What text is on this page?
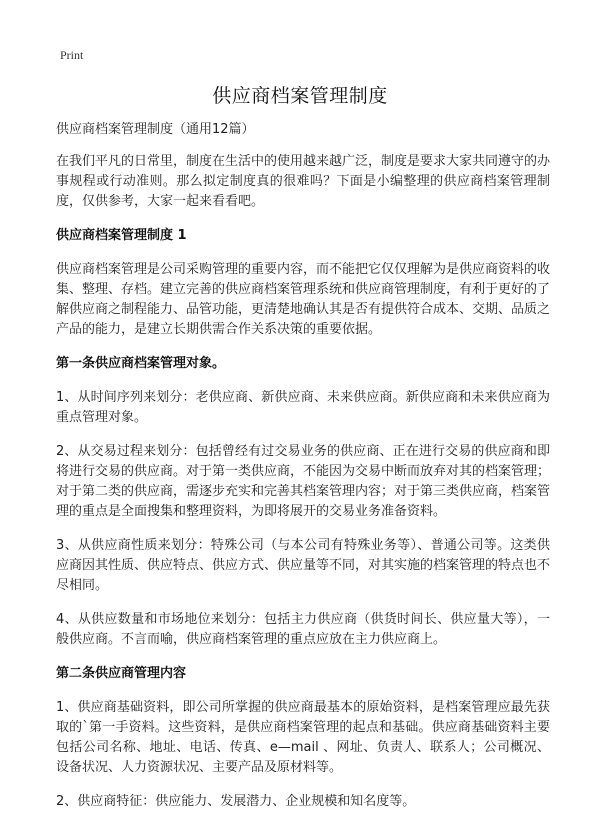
Print
供应商档案管理制度

供应商档案管理制度（通用12篇）

在我们平凡的日常里，制度在生活中的使用越来越广泛，制度是要求大家共同遵守的办事规程或行动准则。那么拟定制度真的很难吗？下面是小编整理的供应商档案管理制度，仅供参考，大家一起来看看吧。

供应商档案管理制度 1

供应商档案管理是公司采购管理的重要内容，而不能把它仅仅理解为是供应商资料的收集、整理、存档。建立完善的供应商档案管理系统和供应商管理制度，有利于更好的了解供应商之制程能力、品管功能，更清楚地确认其是否有提供符合成本、交期、品质之产品的能力，是建立长期供需合作关系决策的重要依据。

第一条供应商档案管理对象。

1、从时间序列来划分：老供应商、新供应商、未来供应商。新供应商和未来供应商为重点管理对象。

2、从交易过程来划分：包括曾经有过交易业务的供应商、正在进行交易的供应商和即将进行交易的供应商。对于第一类供应商，不能因为交易中断而放弃对其的档案管理；对于第二类的供应商，需逐步充实和完善其档案管理内容；对于第三类供应商，档案管理的重点是全面搜集和整理资料，为即将展开的交易业务准备资料。

3、从供应商性质来划分：特殊公司（与本公司有特殊业务等）、普通公司等。这类供应商因其性质、供应特点、供应方式、供应量等不同，对其实施的档案管理的特点也不尽相同。

4、从供应数量和市场地位来划分：包括主力供应商（供货时间长、供应量大等），一般供应商。不言而喻，供应商档案管理的重点应放在主力供应商上。

第二条供应商管理内容

1、供应商基础资料，即公司所掌握的供应商最基本的原始资料，是档案管理应最先获取的`第一手资料。这些资料，是供应商档案管理的起点和基础。供应商基础资料主要包括公司名称、地址、电话、传真、e—mail 、网址、负责人、联系人；公司概况、设备状况、人力资源状况、主要产品及原材料等。

2、供应商特征：供应能力、发展潜力、企业规模和知名度等。
